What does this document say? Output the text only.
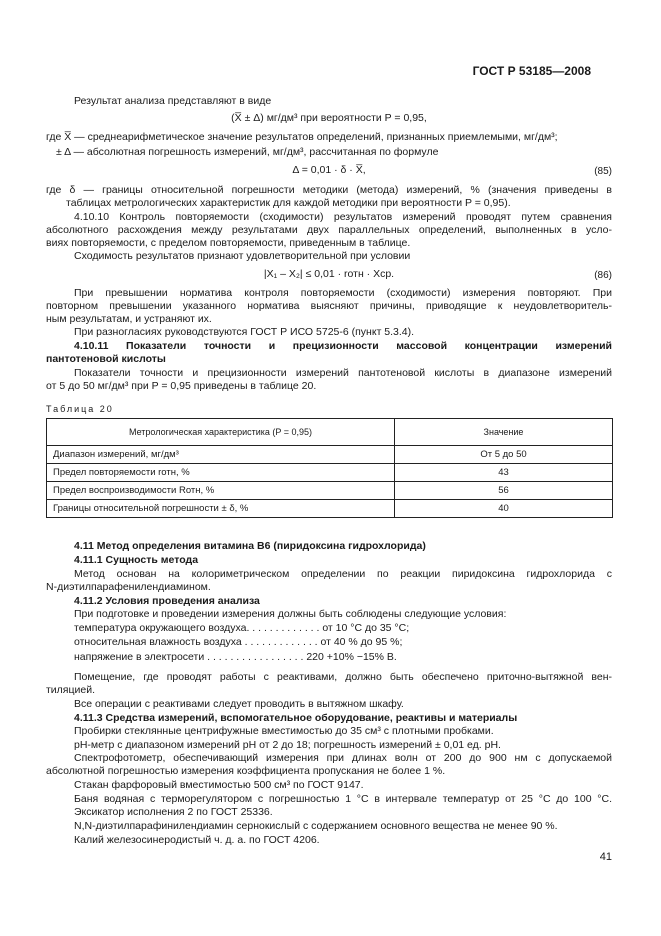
ГОСТ Р 53185—2008
Результат анализа представляют в виде
(X̅ ± Δ) мг/дм³ при вероятности P = 0,95,
где X̅ — среднеарифметическое значение результатов определений, признанных приемлемыми, мг/дм³;
± Δ — абсолютная погрешность измерений, мг/дм³, рассчитанная по формуле
Δ = 0,01 · δ · X̅,	(85)
где δ — границы относительной погрешности методики (метода) измерений, % (значения приведены в
таблицах метрологических характеристик для каждой методики при вероятности P = 0,95).
4.10.10 Контроль повторяемости (сходимости) результатов измерений проводят путем сравнения
абсолютного расхождения между результатами двух параллельных определений, выполненных в усло-
виях повторяемости, с пределом повторяемости, приведенным в таблице.
Сходимость результатов признают удовлетворительной при условии
|X₁ – X₂| ≤ 0,01 · rотн · Xср.	(86)
При превышении норматива контроля повторяемости (сходимости) измерения повторяют. При
повторном превышении указанного норматива выясняют причины, приводящие к неудовлетворитель-
ным результатам, и устраняют их.
При разногласиях руководствуются ГОСТ Р ИСО 5725-6 (пункт 5.3.4).
4.10.11 Показатели точности и прецизионности массовой концентрации измерений
пантотеновой кислоты
Показатели точности и прецизионности измерений пантотеновой кислоты в диапазоне измерений
от 5 до 50 мг/дм³ при P = 0,95 приведены в таблице 20.
Таблица 20
Метрологическая характеристика (P = 0,95)	Значение
Диапазон измерений, мг/дм³	От 5 до 50
Предел повторяемости rотн, %	43
Предел воспроизводимости Rотн, %	56
Границы относительной погрешности ± δ, %	40
4.11 Метод определения витамина B6 (пиридоксина гидрохлорида)
4.11.1 Сущность метода
Метод основан на колориметрическом определении по реакции пиридоксина гидрохлорида с
N-диэтилпарафенилендиамином.
4.11.2 Условия проведения анализа
При подготовке и проведении измерения должны быть соблюдены следующие условия:
температура окружающего воздуха. . . . . . . . . . . . . от 10 °C до 35 °C;
относительная влажность воздуха . . . . . . . . . . . . . от 40 % до 95 %;
напряжение в электросети . . . . . . . . . . . . . . . . . 220 +10% −15% В.
Помещение, где проводят работы с реактивами, должно быть обеспечено приточно-вытяжной вен-
тиляцией.
Все операции с реактивами следует проводить в вытяжном шкафу.
4.11.3 Средства измерений, вспомогательное оборудование, реактивы и материалы
Пробирки стеклянные центрифужные вместимостью до 35 см³ с плотными пробками.
pH-метр с диапазоном измерений pH от 2 до 18; погрешность измерений ± 0,01 ед. pH.
Спектрофотометр, обеспечивающий измерения при длинах волн от 200 до 900 нм с допускаемой
абсолютной погрешностью измерения коэффициента пропускания не более 1 %.
Стакан фарфоровый вместимостью 500 см³ по ГОСТ 9147.
Баня водяная с терморегулятором с погрешностью 1 °C в интервале температур от 25 °C до 100 °C.
Эксикатор исполнения 2 по ГОСТ 25336.
N,N-диэтилпарафинилендиамин сернокислый с содержанием основного вещества не менее 90 %.
Калий железосинеродистый ч. д. а. по ГОСТ 4206.
41
